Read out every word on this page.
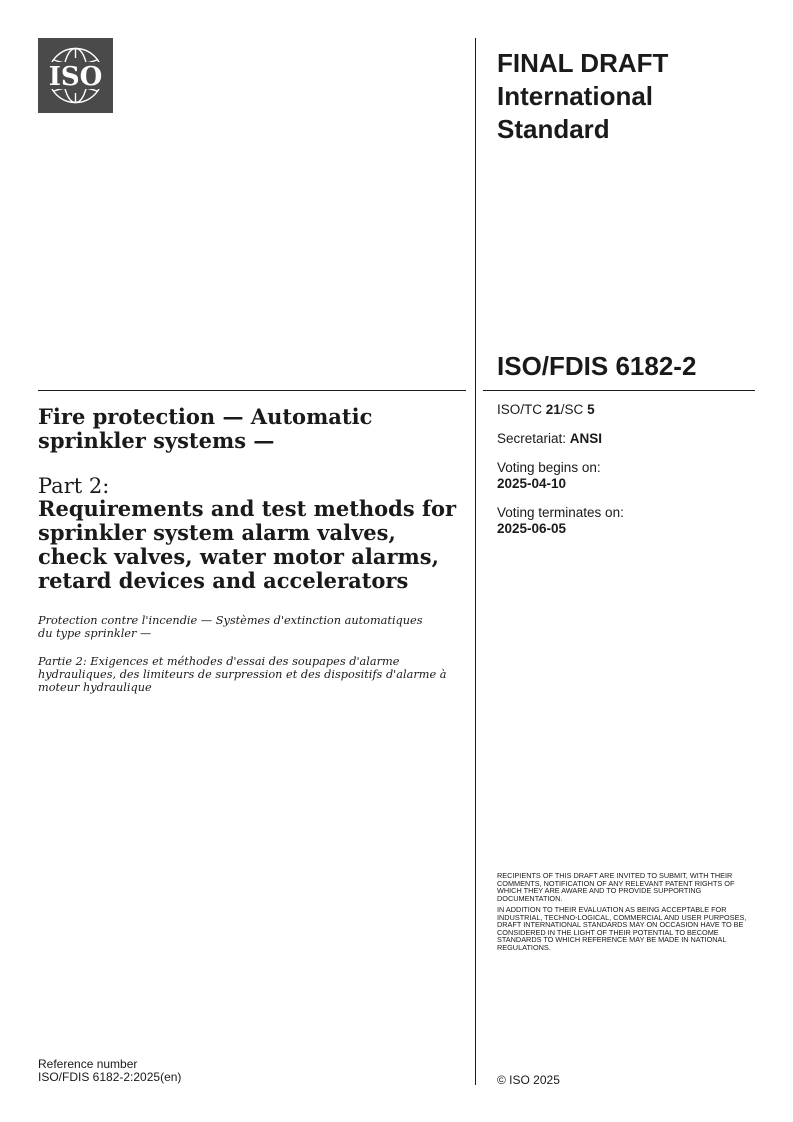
ISO	FINAL DRAFT
International
Standard
ISO/FDIS 6182-2
ISO/TC 21/SC 5
Secretariat: ANSI
Voting begins on:
2025-04-10
Voting terminates on:
2025-06-05
Fire protection — Automatic sprinkler systems —
Part 2:
Requirements and test methods for sprinkler system alarm valves, check valves, water motor alarms, retard devices and accelerators
Protection contre l'incendie — Systèmes d'extinction automatiques du type sprinkler —
Partie 2: Exigences et méthodes d'essai des soupapes d'alarme hydrauliques, des limiteurs de surpression et des dispositifs d'alarme à moteur hydraulique

RECIPIENTS OF THIS DRAFT ARE INVITED TO SUBMIT, WITH THEIR COMMENTS, NOTIFICATION OF ANY RELEVANT PATENT RIGHTS OF WHICH THEY ARE AWARE AND TO PROVIDE SUPPORTING DOCUMENTATION.

IN ADDITION TO THEIR EVALUATION AS BEING ACCEPTABLE FOR INDUSTRIAL, TECHNO-LOGICAL, COMMERCIAL AND USER PURPOSES, DRAFT INTERNATIONAL STANDARDS MAY ON OCCASION HAVE TO BE CONSIDERED IN THE LIGHT OF THEIR POTENTIAL TO BECOME STANDARDS TO WHICH REFERENCE MAY BE MADE IN NATIONAL REGULATIONS.

Reference number
ISO/FDIS 6182-2:2025(en)	© ISO 2025
